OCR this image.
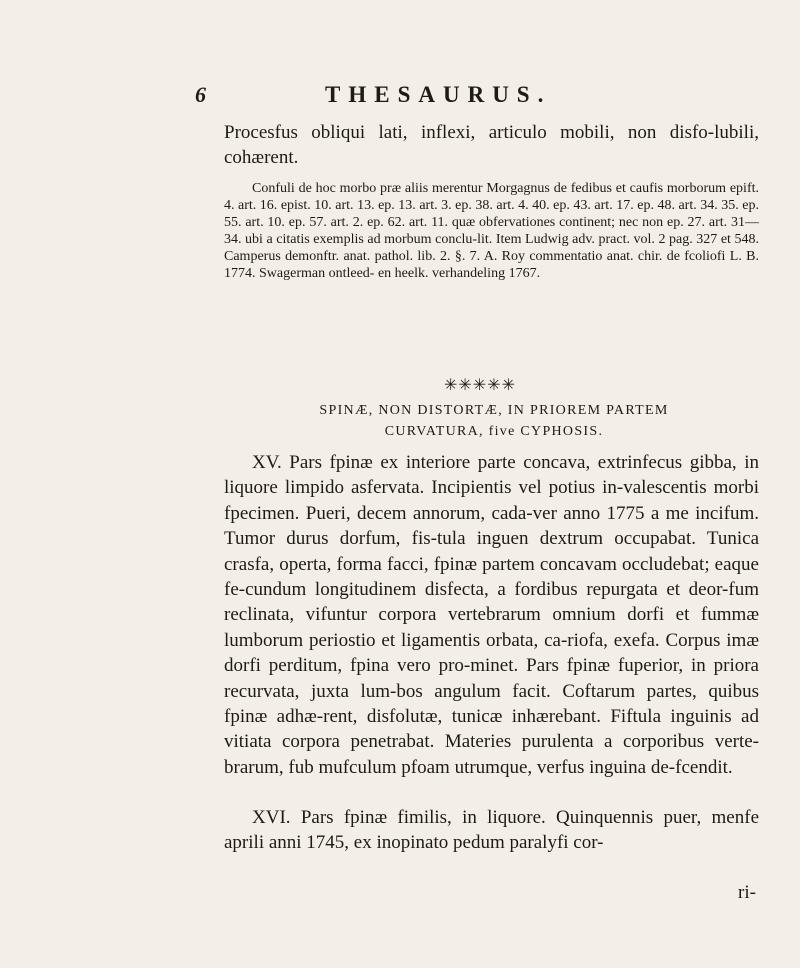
6	THESAURUS.
Procesfus obliqui lati, inflexi, articulo mobili, non disfo-lubili, cohærent.

Confuli de hoc morbo præ aliis merentur Morgagnus de fedibus et caufis morborum epift. 4. art. 16. epist. 10. art. 13. ep. 13. art. 3. ep. 38. art. 4. 40. ep. 43. art. 17. ep. 48. art. 34. 35. ep. 55. art. 10. ep. 57. art. 2. ep. 62. art. 11. quæ obfervationes continent; nec non ep. 27. art. 31—34. ubi a citatis exemplis ad morbum conclu-lit. Item Ludwig adv. pract. vol. 2 pag. 327 et 548. Camperus demonftr. anat. pathol. lib. 2. §. 7. A. Roy commentatio anat. chir. de fcoliofi L. B. 1774. Swagerman ontleed- en heelk. verhandeling 1767.

✳✳✳✳✳
SPINÆ, NON DISTORTÆ, IN PRIOREM PARTEM
CURVATURA, five CYPHOSIS.

XV. Pars fpinæ ex interiore parte concava, extrinfecus gibba, in liquore limpido asfervata. Incipientis vel potius in-valescentis morbi fpecimen. Pueri, decem annorum, cada-ver anno 1775 a me incifum. Tumor durus dorfum, fis-tula inguen dextrum occupabat. Tunica crasfa, operta, forma facci, fpinæ partem concavam occludebat; eaque fe-cundum longitudinem disfecta, a fordibus repurgata et deor-fum reclinata, vifuntur corpora vertebrarum omnium dorfi et fummæ lumborum periostio et ligamentis orbata, ca-riofa, exefa. Corpus imæ dorfi perditum, fpina vero pro-minet. Pars fpinæ fuperior, in priora recurvata, juxta lum-bos angulum facit. Coftarum partes, quibus fpinæ adhæ-rent, disfolutæ, tunicæ inhærebant. Fiftula inguinis ad vitiata corpora penetrabat. Materies purulenta a corporibus verte-brarum, fub mufculum pfoam utrumque, verfus inguina de-fcendit.

XVI. Pars fpinæ fimilis, in liquore. Quinquennis puer, menfe aprili anni 1745, ex inopinato pedum paralyfi cor-

ri-
